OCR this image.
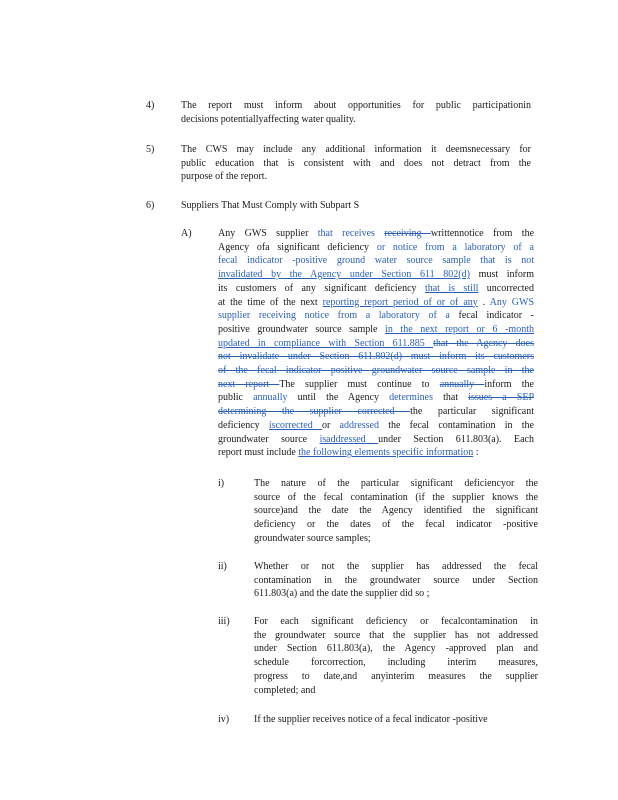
4)	The report must inform about opportunities for public participationin
decisions potentiallyaffecting water quality.
5)	The CWS may include any additional information it deemsnecessary for
public education that is consistent with and does not detract from the
purpose of the report.
6)	Suppliers That Must Comply with Subpart S
A)	Any GWS supplier that receives receiving writtennotice from the
Agency ofa significant deficiency or notice from a laboratory of a
fecal indicator -positive ground water source sample that is not
invalidated by the Agency under Section 611 802(d) must inform
its customers of any significant deficiency that is still uncorrected
at the time of the next reporting report period of or of any . Any GWS
supplier receiving notice from a laboratory of a fecal indicator -
positive groundwater source sample in the next report or 6 -month
updated in compliance with Section 611.885 that the Agency does
not invalidate under Section 611.802(d) must inform its customers
of the fecal indicator positive groundwater source sample in the
next report The supplier must continue to annually inform the
public annually until the Agency determines that issues a SEP
determining the supplier corrected the particular significant
deficiency iscorrected or addressed the fecal contamination in the
groundwater source isaddressed under Section 611.803(a). Each
report must include the following elements specific information :
i)	The nature of the particular significant deficiencyor the
source of the fecal contamination (if the supplier knows the
source)and the date the Agency identified the significant
deficiency or the dates of the fecal indicator -positive
groundwater source samples;
ii)	Whether or not the supplier has addressed the fecal
contamination in the groundwater source under Section
611.803(a) and the date the supplier did so ;
iii) For each significant deficiency or fecalcontamination in
the groundwater source that the supplier has not addressed
under Section 611.803(a), the Agency -approved plan and
schedule forcorrection, including interim measures,
progress to date,and anyinterim measures the supplier
completed; and
iv) If the supplier receives notice of a fecal indicator -positive
